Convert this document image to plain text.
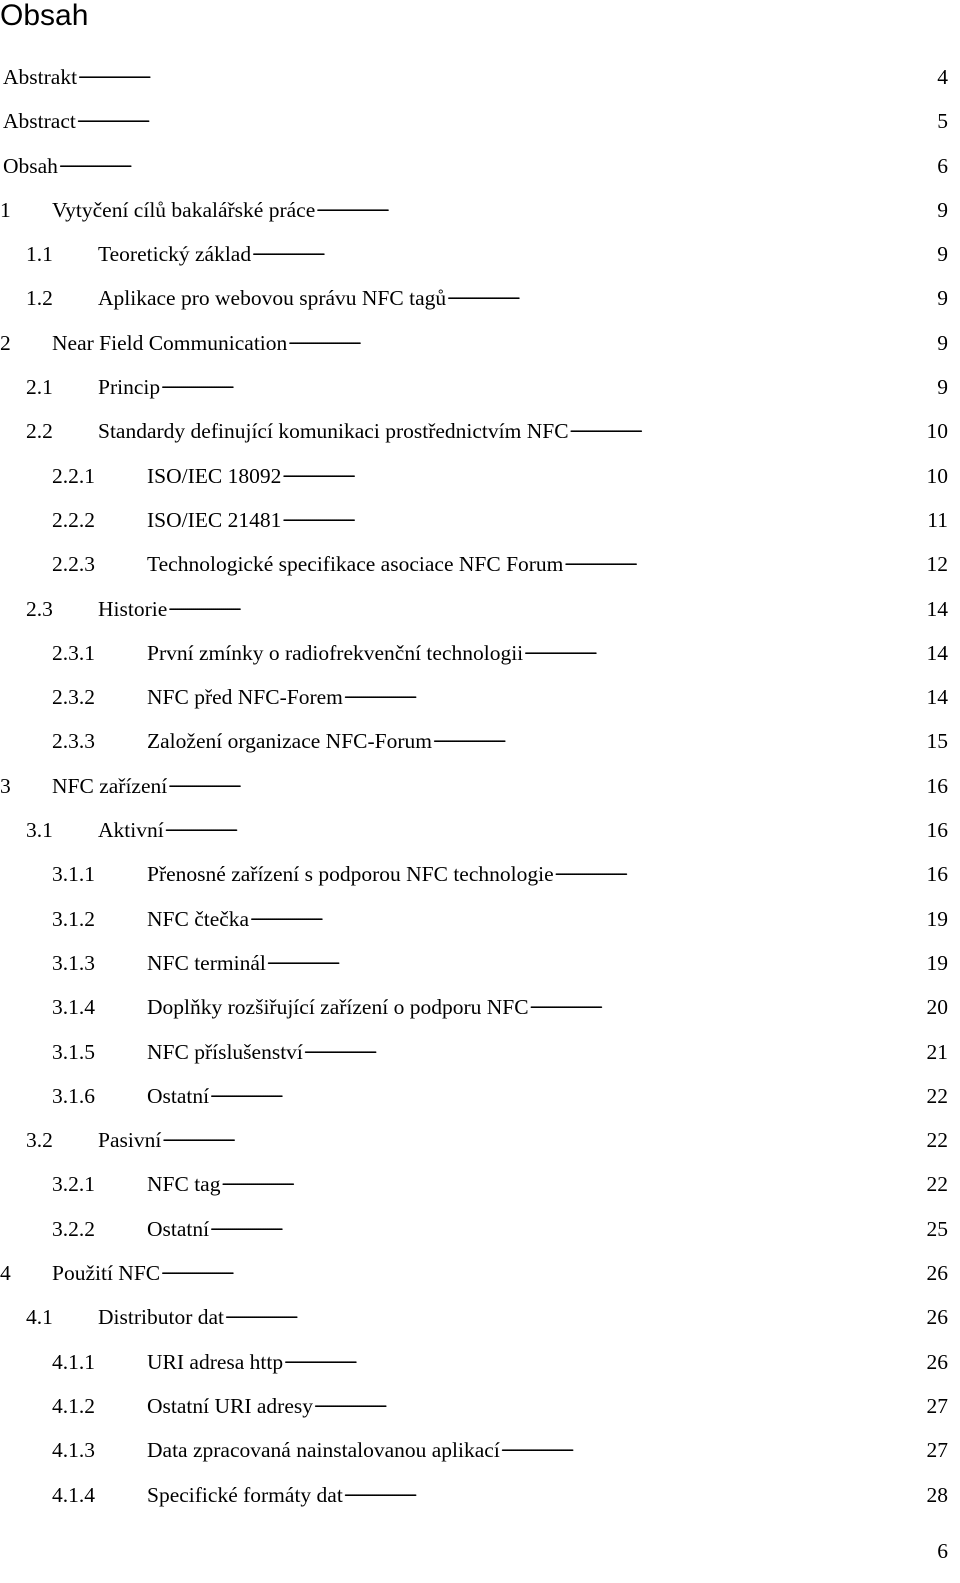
Obsah
Abstrakt . . .	4
Abstract . . .	5
Obsah . . .	6
1	Vytyčení cílů bakalářské práce . . .	9
1.1	Teoretický základ . . .	9
1.2	Aplikace pro webovou správu NFC tagů . . .	9
2	Near Field Communication . . .	9
2.1	Princip . . .	9
2.2	Standardy definující komunikaci prostřednictvím NFC . . .	10
2.2.1	ISO/IEC 18092 . . .	10
2.2.2	ISO/IEC 21481 . . .	11
2.2.3	Technologické specifikace asociace NFC Forum . . .	12
2.3	Historie . . .	14
2.3.1	První zmínky o radiofrekvenční technologii . . .	14
2.3.2	NFC před NFC-Forem . . .	14
2.3.3	Založení organizace NFC-Forum . . .	15
3	NFC zařízení . . .	16
3.1	Aktivní . . .	16
3.1.1	Přenosné zařízení s podporou NFC technologie . . .	16
3.1.2	NFC čtečka . . .	19
3.1.3	NFC terminál . . .	19
3.1.4	Doplňky rozšiřující zařízení o podporu NFC . . .	20
3.1.5	NFC příslušenství . . .	21
3.1.6	Ostatní . . .	22
3.2	Pasivní . . .	22
3.2.1	NFC tag . . .	22
3.2.2	Ostatní . . .	25
4	Použití NFC . . .	26
4.1	Distributor dat . . .	26
4.1.1	URI adresa http . . .	26
4.1.2	Ostatní URI adresy . . .	27
4.1.3	Data zpracovaná nainstalovanou aplikací . . .	27
4.1.4	Specifické formáty dat . . .	28
6
